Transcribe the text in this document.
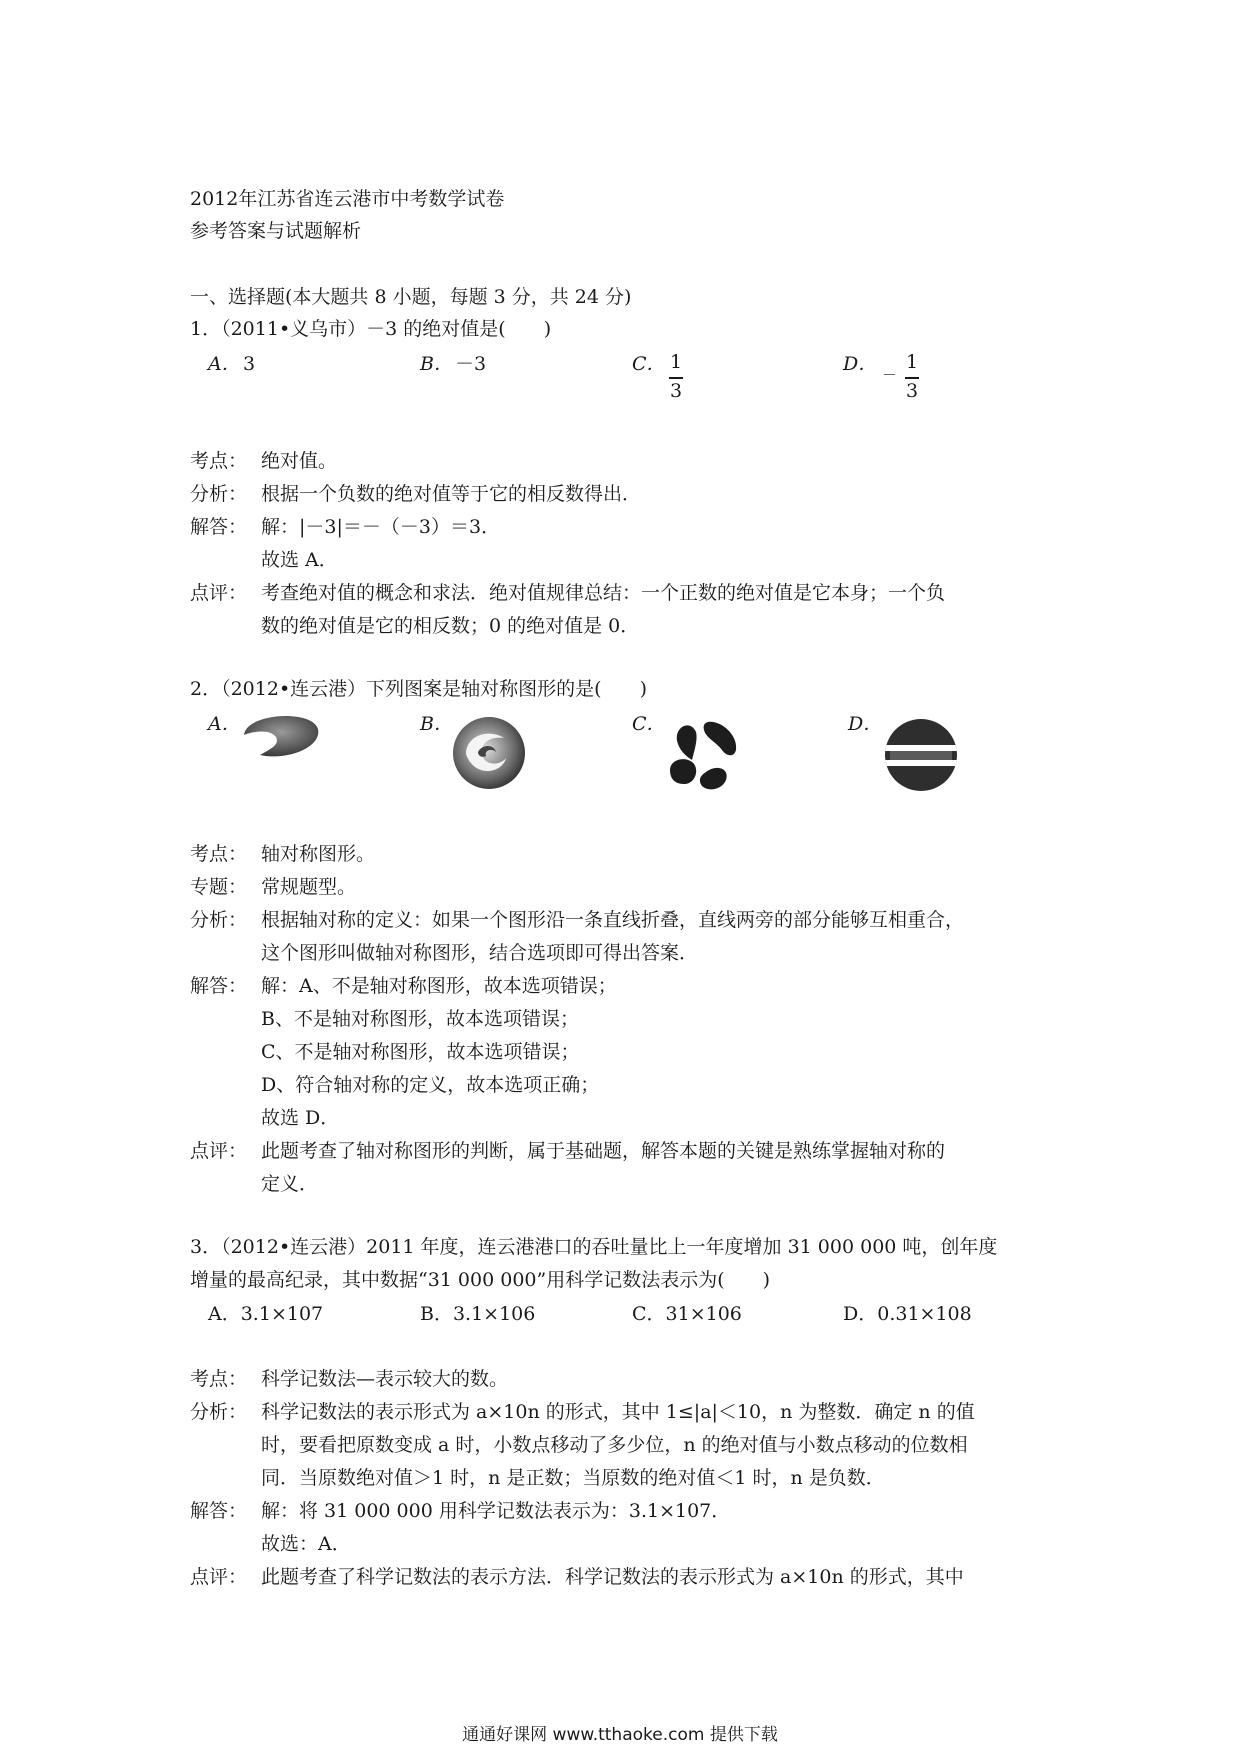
2012年江苏省连云港市中考数学试卷
参考答案与试题解析
一、选择题(本大题共 8 小题，每题 3 分，共 24 分)
1．（2011•义乌市）－3 的绝对值是(　　)
A． 3	B． －3	C． 1
3
D． －
1
3
考点： 绝对值。
分析： 根据一个负数的绝对值等于它的相反数得出．
解答： 解：|－3|＝－（－3）＝3．
故选 A．
点评： 考查绝对值的概念和求法．绝对值规律总结：一个正数的绝对值是它本身；一个负
数的绝对值是它的相反数；0 的绝对值是 0．
2．（2012•连云港）下列图案是轴对称图形的是(　　)
A．	B．	C．	D．
考点： 轴对称图形。
专题： 常规题型。
分析： 根据轴对称的定义：如果一个图形沿一条直线折叠，直线两旁的部分能够互相重合，
这个图形叫做轴对称图形，结合选项即可得出答案．
解答： 解：A、不是轴对称图形，故本选项错误；
B、不是轴对称图形，故本选项错误；
C、不是轴对称图形，故本选项错误；
D、符合轴对称的定义，故本选项正确；
故选 D．
点评： 此题考查了轴对称图形的判断，属于基础题，解答本题的关键是熟练掌握轴对称的
定义．
3．（2012•连云港）2011 年度，连云港港口的吞吐量比上一年度增加 31 000 000 吨，创年度
增量的最高纪录，其中数据“31 000 000”用科学记数法表示为(　　)
A．3.1×107	B．3.1×106	C．31×106	D．0.31×108
考点： 科学记数法—表示较大的数。
分析： 科学记数法的表示形式为 a×10n 的形式，其中 1≤|a|＜10，n 为整数．确定 n 的值
时，要看把原数变成 a 时，小数点移动了多少位，n 的绝对值与小数点移动的位数相
同．当原数绝对值＞1 时，n 是正数；当原数的绝对值＜1 时，n 是负数．
解答： 解：将 31 000 000 用科学记数法表示为：3.1×107．
故选：A．
点评： 此题考查了科学记数法的表示方法．科学记数法的表示形式为 a×10n 的形式，其中
通通好课网 www.tthaoke.com 提供下载
